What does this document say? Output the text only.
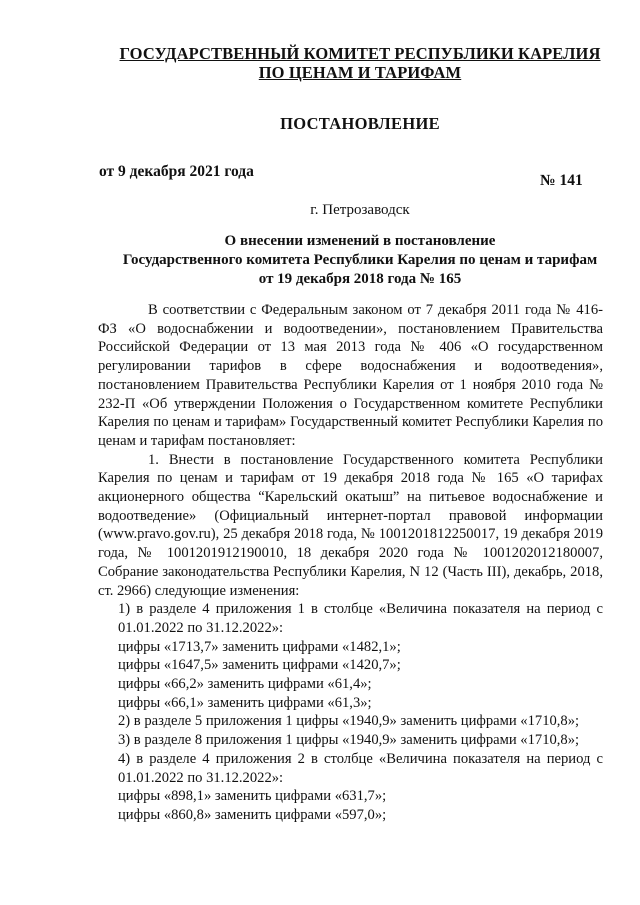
ГОСУДАРСТВЕННЫЙ КОМИТЕТ РЕСПУБЛИКИ КАРЕЛИЯ
ПО ЦЕНАМ И ТАРИФАМ
ПОСТАНОВЛЕНИЕ
от 9 декабря 2021 года
№ 141
г. Петрозаводск
О внесении изменений в постановление
Государственного комитета Республики Карелия по ценам и тарифам
от 19 декабря 2018 года № 165

В соответствии с Федеральным законом от 7 декабря 2011 года № 416-ФЗ «О водоснабжении и водоотведении», постановлением Правительства Российской Федерации от 13 мая 2013 года № 406 «О государственном регулировании тарифов в сфере водоснабжения и водоотведения», постановлением Правительства Республики Карелия от 1 ноября 2010 года № 232-П «Об утверждении Положения о Государственном комитете Республики Карелия по ценам и тарифам» Государственный комитет Республики Карелия по ценам и тарифам постановляет:

1. Внести в постановление Государственного комитета Республики Карелия по ценам и тарифам от 19 декабря 2018 года № 165 «О тарифах акционерного общества “Карельский окатыш” на питьевое водоснабжение и водоотведение» (Официальный интернет-портал правовой информации (www.pravo.gov.ru), 25 декабря 2018 года, № 1001201812250017, 19 декабря 2019 года, № 1001201912190010, 18 декабря 2020 года № 1001202012180007, Собрание законодательства Республики Карелия, N 12 (Часть III), декабрь, 2018, ст. 2966) следующие изменения:

1) в разделе 4 приложения 1 в столбце «Величина показателя на период с 01.01.2022 по 31.12.2022»:

цифры «1713,7» заменить цифрами «1482,1»;

цифры «1647,5» заменить цифрами «1420,7»;

цифры «66,2» заменить цифрами «61,4»;

цифры «66,1» заменить цифрами «61,3»;

2) в разделе 5 приложения 1 цифры «1940,9» заменить цифрами «1710,8»;

3) в разделе 8 приложения 1 цифры «1940,9» заменить цифрами «1710,8»;

4) в разделе 4 приложения 2 в столбце «Величина показателя на период с 01.01.2022 по 31.12.2022»:

цифры «898,1» заменить цифрами «631,7»;

цифры «860,8» заменить цифрами «597,0»;
